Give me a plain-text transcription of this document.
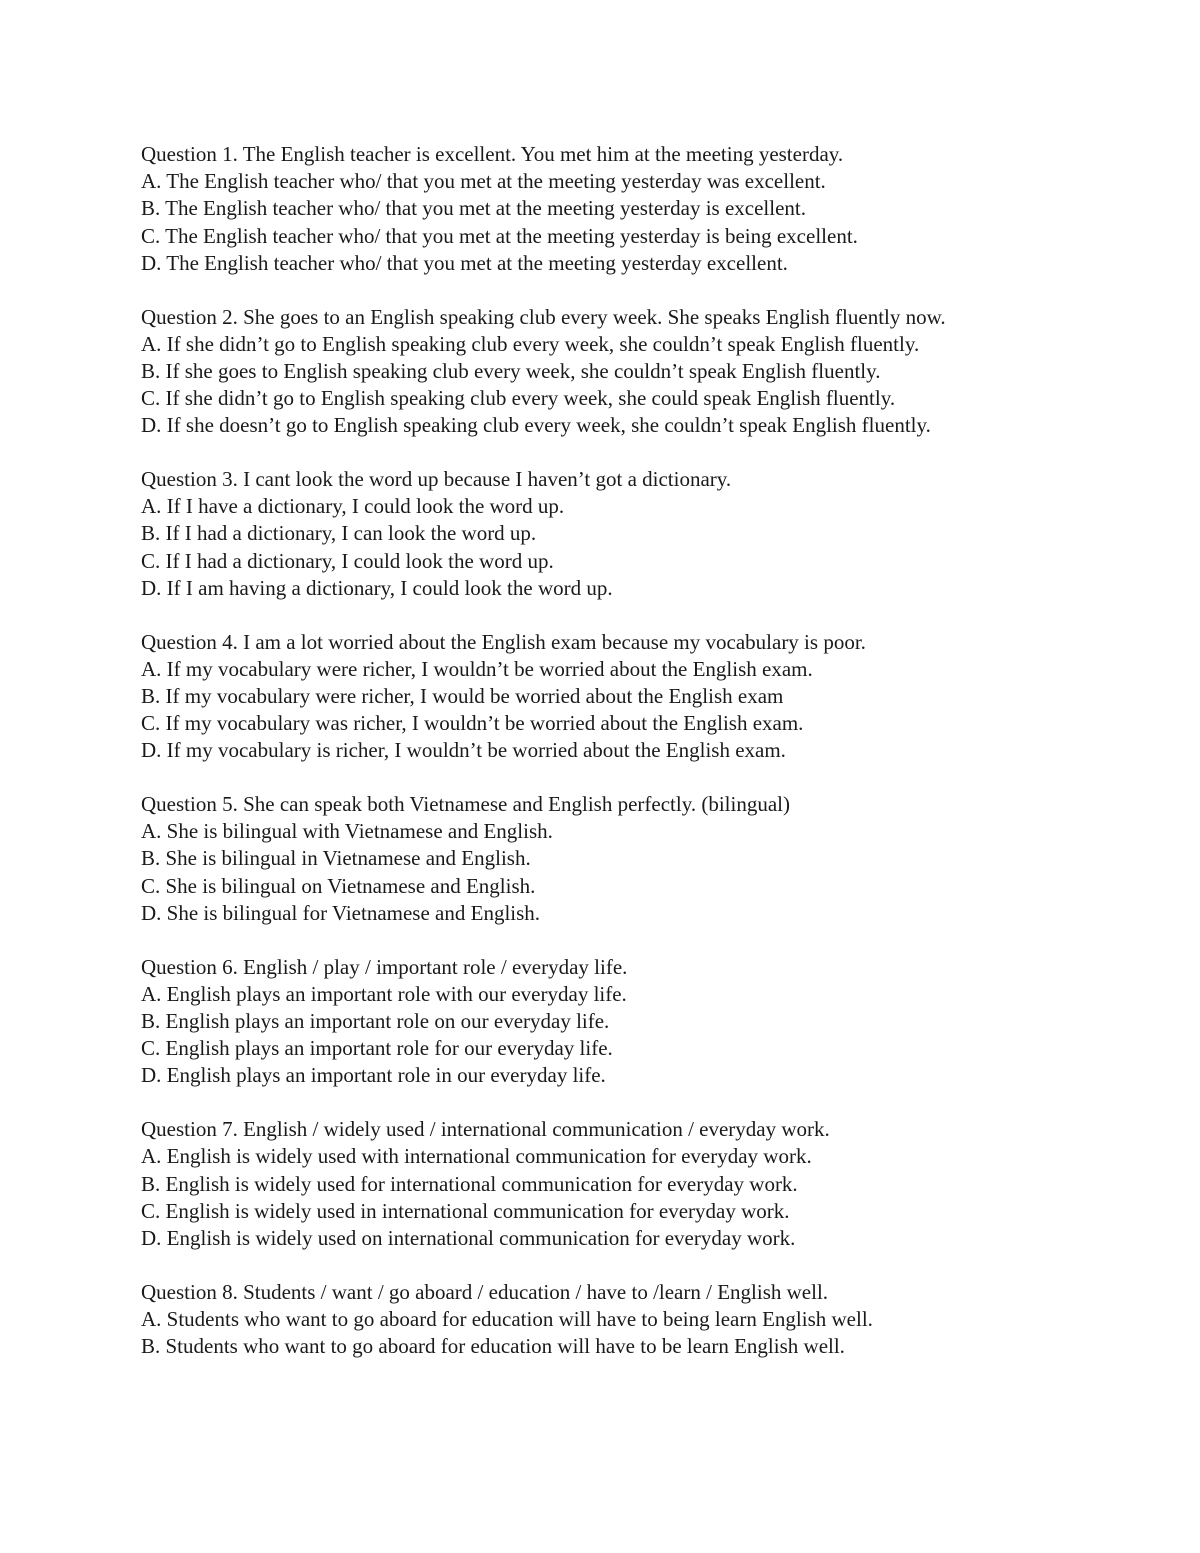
Question 1. The English teacher is excellent. You met him at the meeting yesterday.
A. The English teacher who/ that you met at the meeting yesterday was excellent.
B. The English teacher who/ that you met at the meeting yesterday is excellent.
C. The English teacher who/ that you met at the meeting yesterday is being excellent.
D. The English teacher who/ that you met at the meeting yesterday excellent.
Question 2. She goes to an English speaking club every week. She speaks English fluently now.
A. If she didn’t go to English speaking club every week, she couldn’t speak English fluently.
B. If she goes to English speaking club every week, she couldn’t speak English fluently.
C. If she didn’t go to English speaking club every week, she could speak English fluently.
D. If she doesn’t go to English speaking club every week, she couldn’t speak English fluently.
Question 3. I cant look the word up because I haven’t got a dictionary.
A. If I have a dictionary, I could look the word up.
B. If I had a dictionary, I can look the word up.
C. If I had a dictionary, I could look the word up.
D. If I am having a dictionary, I could look the word up.
Question 4. I am a lot worried about the English exam because my vocabulary is poor.
A. If my vocabulary were richer, I wouldn’t be worried about the English exam.
B. If my vocabulary were richer, I would be worried about the English exam
C. If my vocabulary was richer, I wouldn’t be worried about the English exam.
D. If my vocabulary is richer, I wouldn’t be worried about the English exam.
Question 5. She can speak both Vietnamese and English perfectly. (bilingual)
A. She is bilingual with Vietnamese and English.
B. She is bilingual in Vietnamese and English.
C. She is bilingual on Vietnamese and English.
D. She is bilingual for Vietnamese and English.
Question 6. English / play / important role / everyday life.
A. English plays an important role with our everyday life.
B. English plays an important role on our everyday life.
C. English plays an important role for our everyday life.
D. English plays an important role in our everyday life.
Question 7. English / widely used / international communication / everyday work.
A. English is widely used with international communication for everyday work.
B. English is widely used for international communication for everyday work.
C. English is widely used in international communication for everyday work.
D. English is widely used on international communication for everyday work.
Question 8. Students / want / go aboard / education / have to /learn / English well.
A. Students who want to go aboard for education will have to being learn English well.
B. Students who want to go aboard for education will have to be learn English well.
